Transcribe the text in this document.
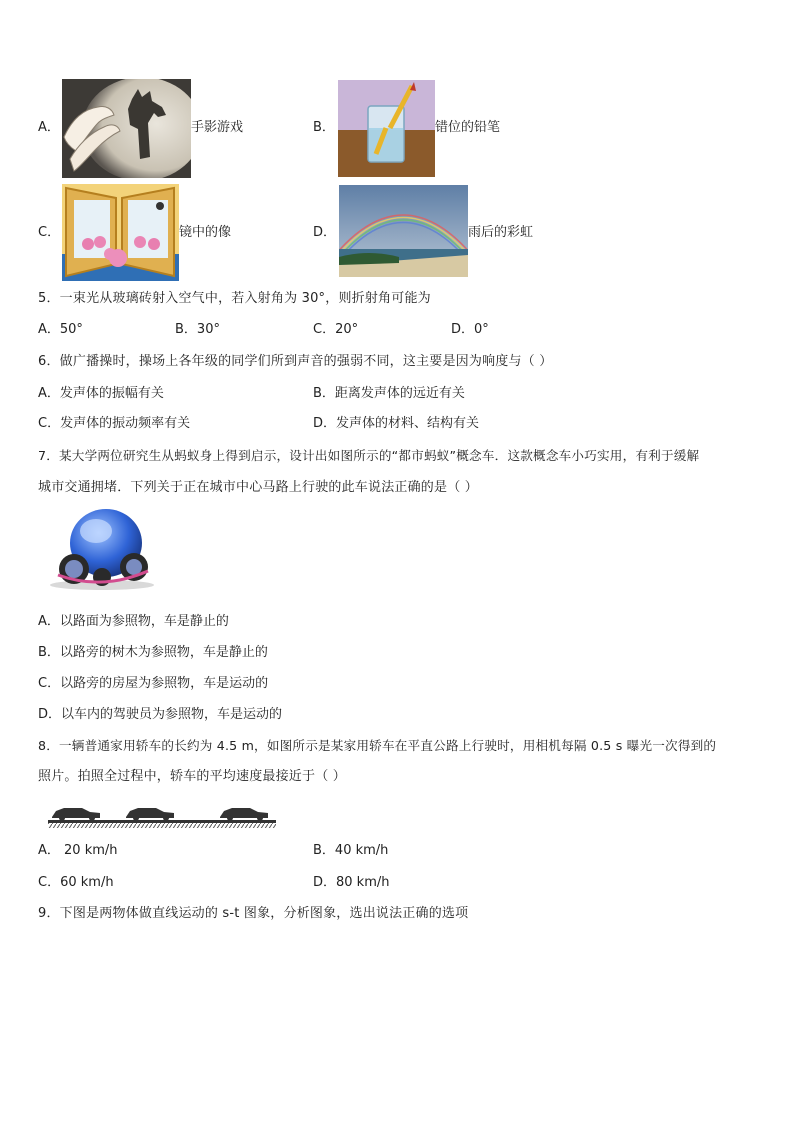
A．	手影游戏	B．	错位的铅笔
C．	镜中的像	D．	雨后的彩虹
5．一束光从玻璃砖射入空气中，若入射角为 30°，则折射角可能为
A．50°	B．30°	C．20°	D．0°
6．做广播操时，操场上各年级的同学们所到声音的强弱不同，这主要是因为响度与（ ）
A．发声体的振幅有关	B．距离发声体的远近有关
C．发声体的振动频率有关	D．发声体的材料、结构有关
7．某大学两位研究生从蚂蚁身上得到启示，设计出如图所示的“都市蚂蚁”概念车．这款概念车小巧实用，有利于缓解
城市交通拥堵．下列关于正在城市中心马路上行驶的此车说法正确的是（ ）
A．以路面为参照物，车是静止的
B．以路旁的树木为参照物，车是静止的
C．以路旁的房屋为参照物，车是运动的
D．以车内的驾驶员为参照物，车是运动的
8．一辆普通家用轿车的长约为 4.5 m，如图所示是某家用轿车在平直公路上行驶时，用相机每隔 0.5 s 曝光一次得到的
照片。拍照全过程中，轿车的平均速度最接近于（ ）
A． 20 km/h	B．40 km/h
C．60 km/h	D．80 km/h
9．下图是两物体做直线运动的 s-t 图象，分析图象，选出说法正确的选项
